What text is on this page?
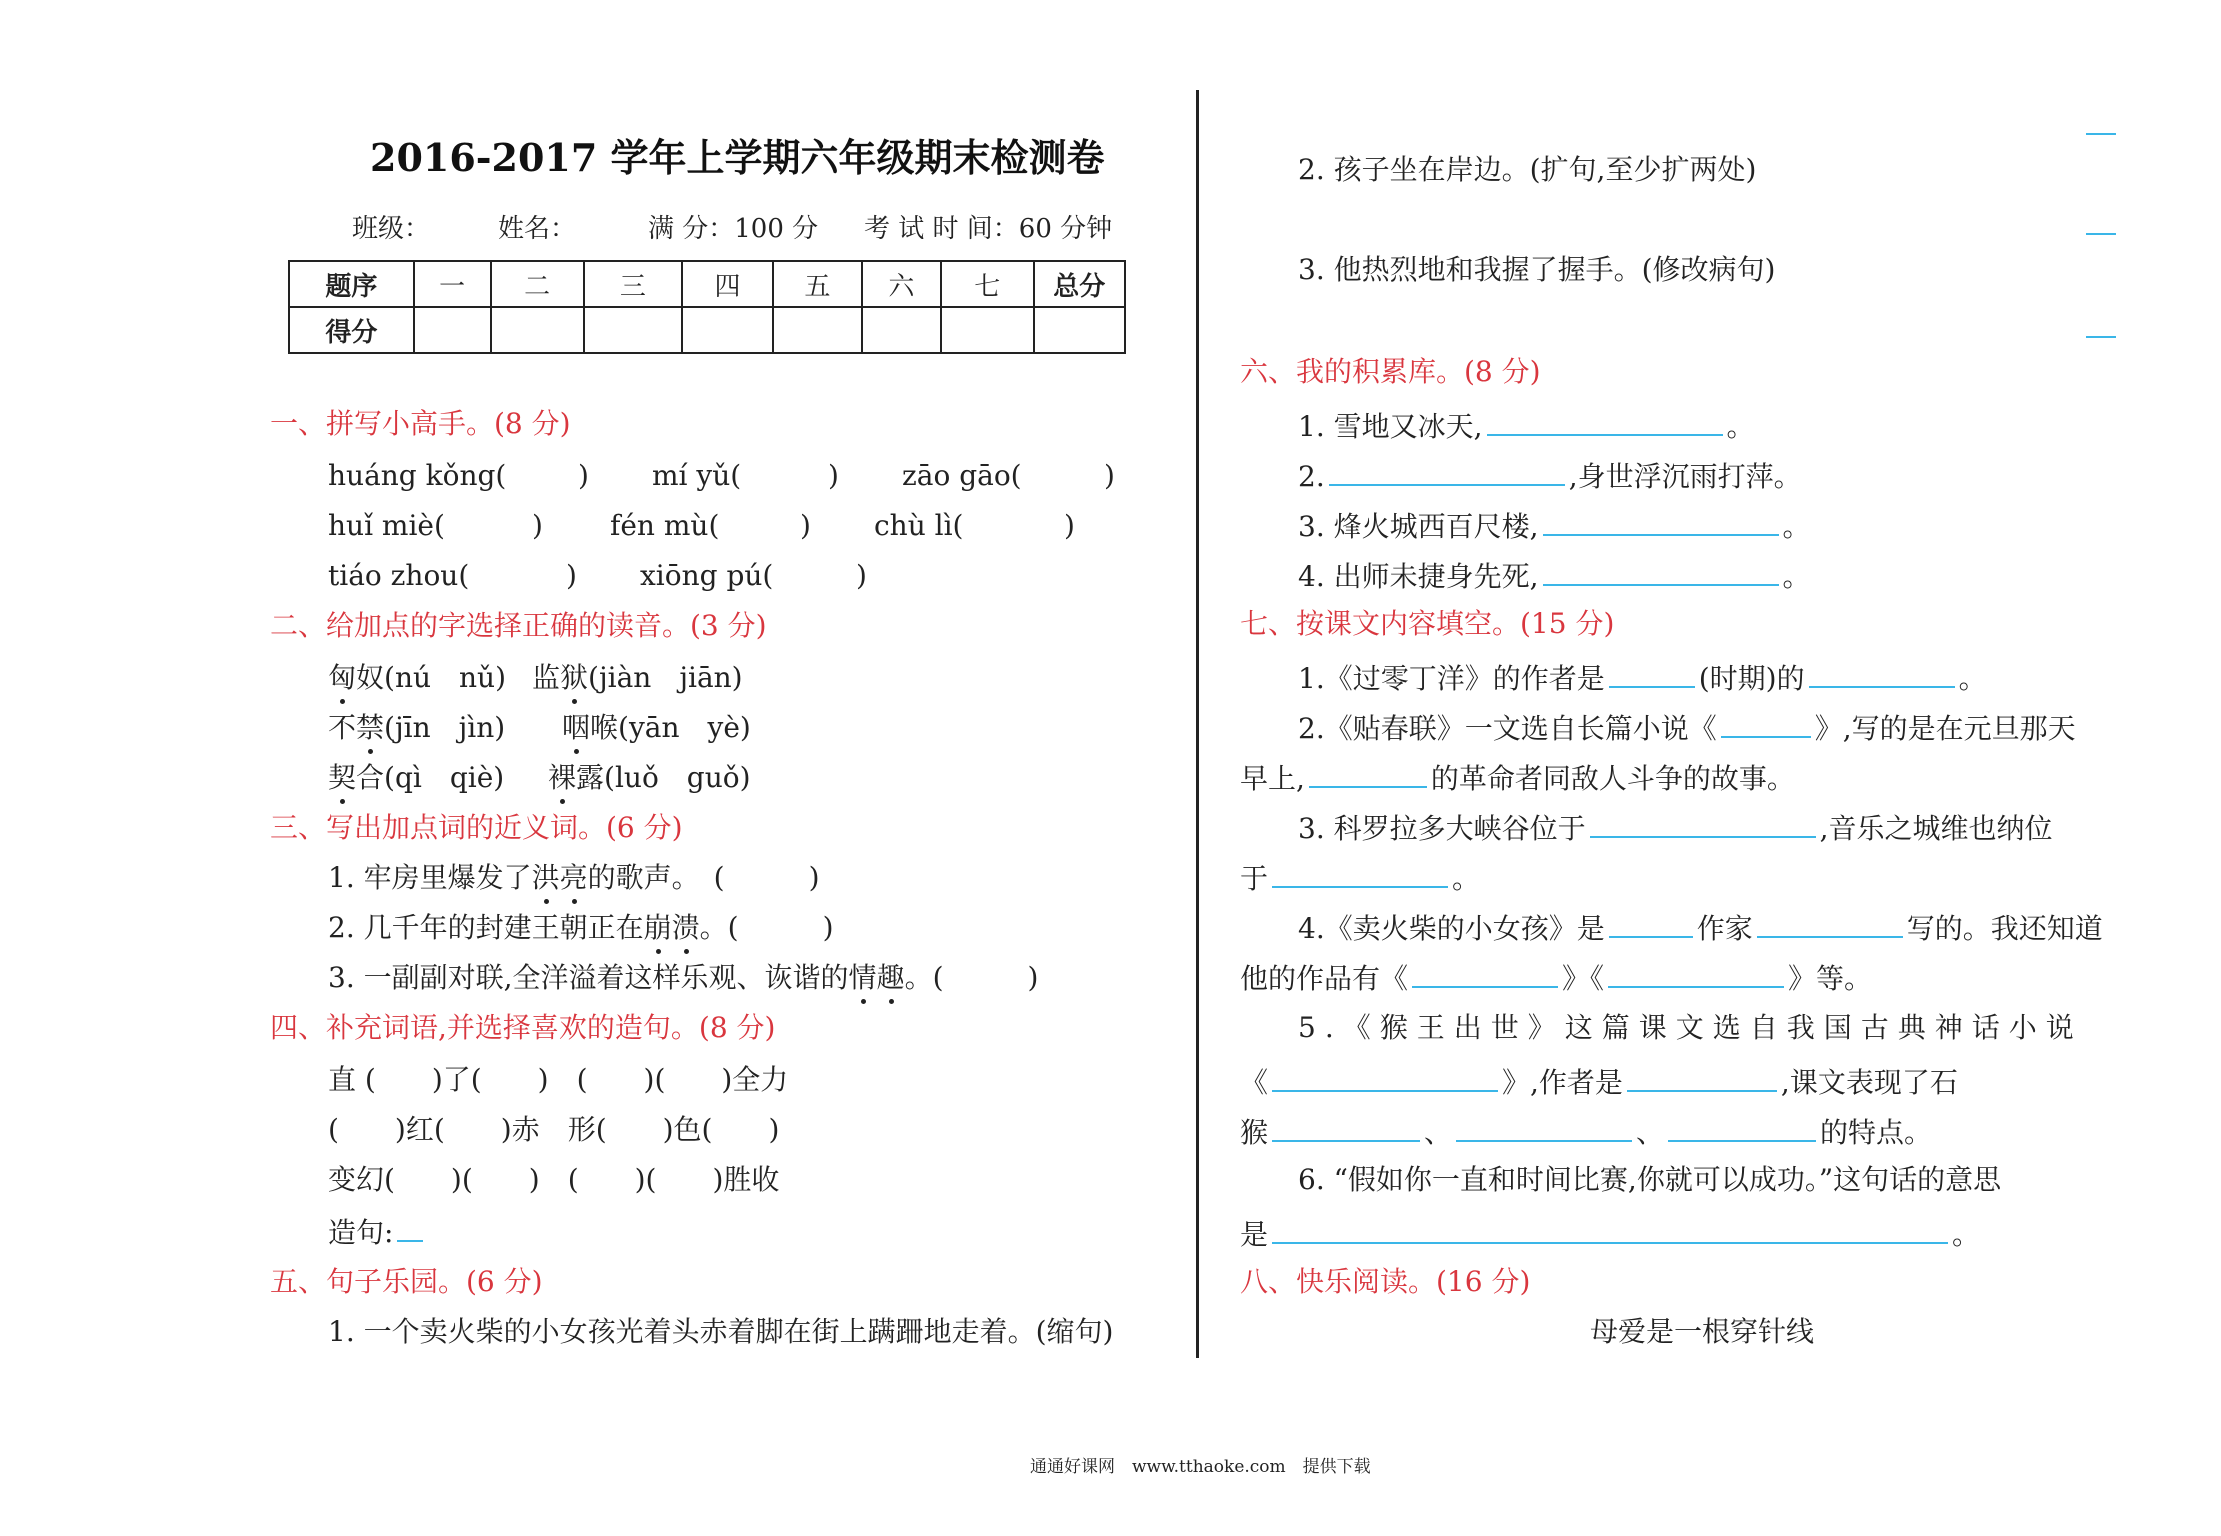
2016-2017 学年上学期六年级期末检测卷
班级：	姓名：	满 分：100 分 考 试 时 间：60 分钟
题序	一	二	三	四	五	六	七	总分
得分								
一、拼写小高手。(8 分)
huáng kǒng(	) mí yǔ(	) zāo gāo(	)
huǐ miè(	) fén mù(	) chù lì(	)
tiáo zhou(	) xiōng pú(	)
二、给加点的字选择正确的读音。(3 分)
匈奴(nú　nǔ) 监狱(jiàn　jiān)
不禁(jīn　jìn) 咽喉(yān　yè)
契合(qì　qiè) 裸露(luǒ　guǒ)
三、写出加点词的近义词。(6 分)
1. 牢房里爆发了洪亮的歌声。　(　　　)
2. 几千年的封建王朝正在崩溃。(　　　)
3. 一副副对联,全洋溢着这样乐观、诙谐的情趣。(　　　)
四、补充词语,并选择喜欢的造句。(8 分)
直 (　　)了(　　)　(　　)(　　)全力
(　　)红(　　)赤　形(　　)色(　　)
变幻(　　)(　　)　(　　)(　　)胜收
造句:
五、句子乐园。(6 分)
1. 一个卖火柴的小女孩光着头赤着脚在街上蹒跚地走着。(缩句)
2. 孩子坐在岸边。(扩句,至少扩两处)
3. 他热烈地和我握了握手。(修改病句)
六、我的积累库。(8 分)
1. 雪地又冰天,	。
2.	,身世浮沉雨打萍。
3. 烽火城西百尺楼,	。
4. 出师未捷身先死,	。
七、按课文内容填空。(15 分)
1.《过零丁洋》的作者是	(时期)的	。
2.《贴春联》一文选自长篇小说《	》,写的是在元旦那天
早上,	的革命者同敌人斗争的故事。
3. 科罗拉多大峡谷位于	,音乐之城维也纳位
于	。
4.《卖火柴的小女孩》是	作家	写的。我还知道
他的作品有《	》《	》等。
5.《猴王出世》这篇课文选自我国古典神话小说
《	》,作者是	,课文表现了石
猴	、	、	的特点。
6. “假如你一直和时间比赛,你就可以成功。”这句话的意思
是	。
八、快乐阅读。(16 分)
母爱是一根穿针线
通通好课网　www.tthaoke.com　提供下载
